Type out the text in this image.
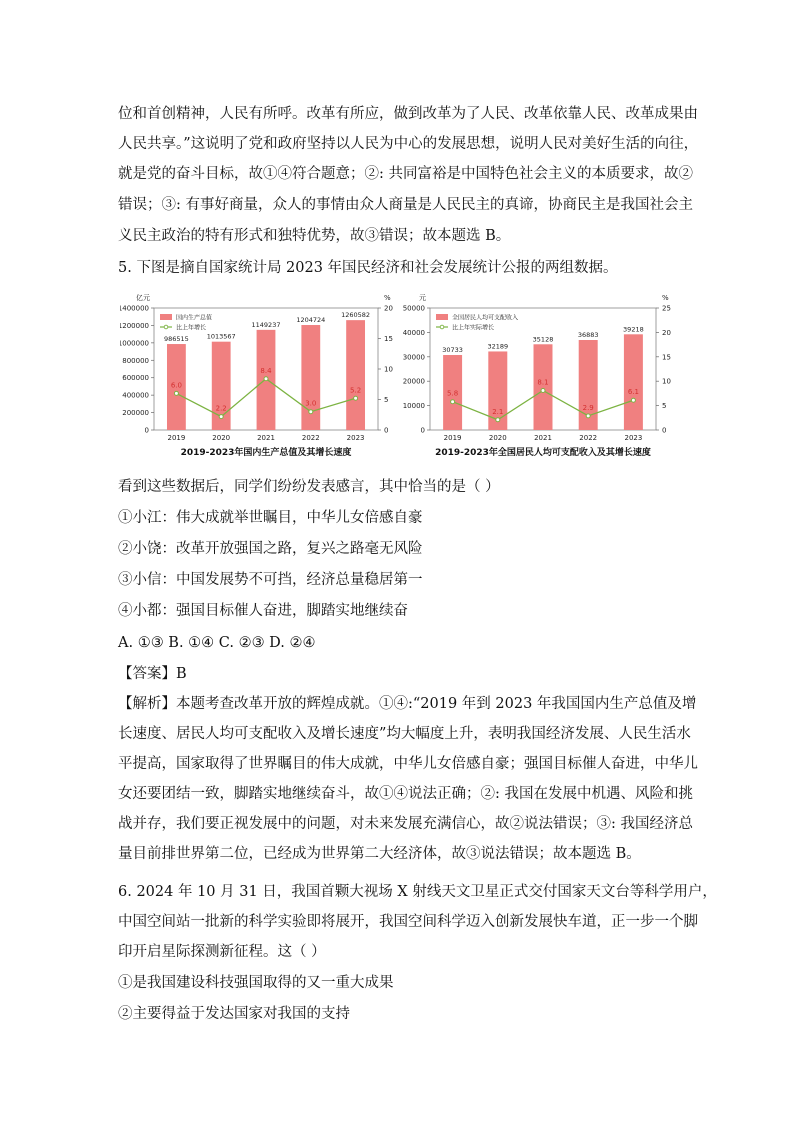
位和首创精神，人民有所呼。改革有所应，做到改革为了人民、改革依靠人民、改革成果由
人民共享。”这说明了党和政府坚持以人民为中心的发展思想，说明人民对美好生活的向往，
就是党的奋斗目标，故①④符合题意；②: 共同富裕是中国特色社会主义的本质要求，故②
错误；③: 有事好商量，众人的事情由众人商量是人民民主的真谛，协商民主是我国社会主
义民主政治的特有形式和独特优势，故③错误；故本题选 B。
5. 下图是摘自国家统计局 2023 年国民经济和社会发展统计公报的两组数据。
亿元	%
0
200000
400000
600000
800000
1000000
1200000
1400000
0
5
10
15
20
986515
2019
1013567
2020
1149237
2021
1204724
2022
1260582
2023
6.0
2.2
8.4
3.0
5.2
国内生产总值
比上年增长
2019-2023年国内生产总值及其增长速度
元	%
0
10000
20000
30000
40000
50000
0
5
10
15
20
25
30733
2019
32189
2020
35128
2021
36883
2022
39218
2023
5.8
2.1
8.1
2.9
6.1
全国居民人均可支配收入
比上年实际增长
2019-2023年全国居民人均可支配收入及其增长速度
看到这些数据后，同学们纷纷发表感言，其中恰当的是（ ）
①小江：伟大成就举世瞩目，中华儿女倍感自豪
②小饶：改革开放强国之路，复兴之路毫无风险
③小信：中国发展势不可挡，经济总量稳居第一
④小都：强国目标催人奋进，脚踏实地继续奋
A. ①③ B. ①④ C. ②③ D. ②④
【答案】B
【解析】本题考查改革开放的辉煌成就。①④:“2019 年到 2023 年我国国内生产总值及增
长速度、居民人均可支配收入及增长速度”均大幅度上升，表明我国经济发展、人民生活水
平提高，国家取得了世界瞩目的伟大成就，中华儿女倍感自豪；强国目标催人奋进，中华儿
女还要团结一致，脚踏实地继续奋斗，故①④说法正确；②: 我国在发展中机遇、风险和挑
战并存，我们要正视发展中的问题，对未来发展充满信心，故②说法错误；③: 我国经济总
量目前排世界第二位，已经成为世界第二大经济体，故③说法错误；故本题选 B。
6. 2024 年 10 月 31 日，我国首颗大视场 X 射线天文卫星正式交付国家天文台等科学用户，
中国空间站一批新的科学实验即将展开，我国空间科学迈入创新发展快车道，正一步一个脚
印开启星际探测新征程。这（ ）
①是我国建设科技强国取得的又一重大成果
②主要得益于发达国家对我国的支持
